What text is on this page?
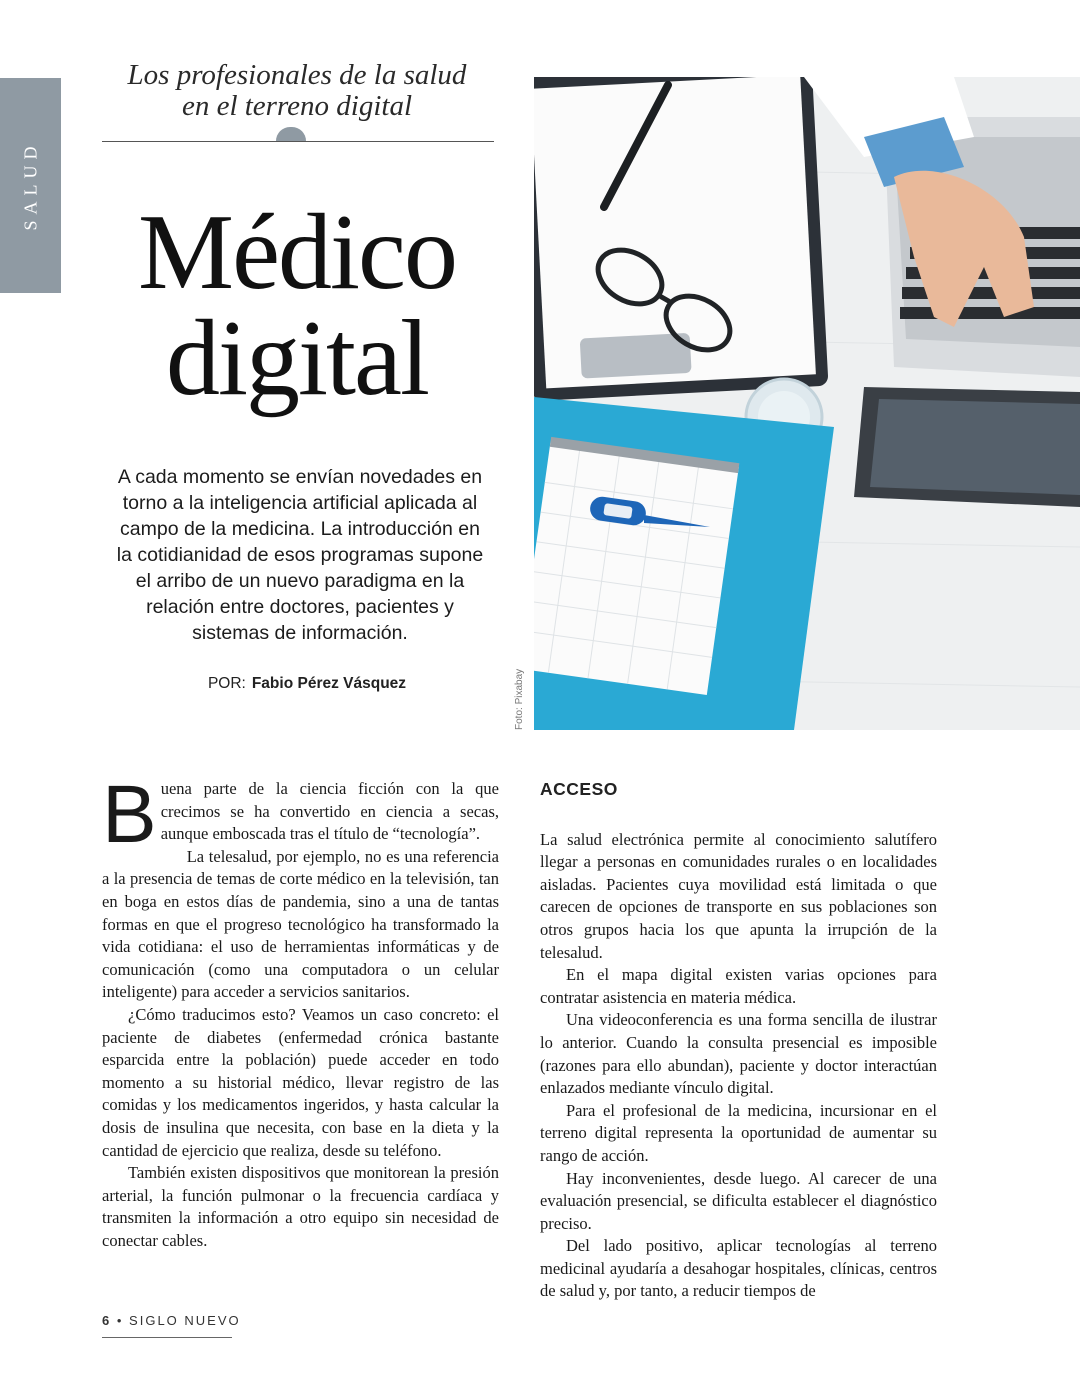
SALUD
Los profesionales de la salud
en el terreno digital
Médico
digital
A cada momento se envían novedades en torno a la inteligencia artificial aplicada al campo de la medicina. La introducción en la cotidianidad de esos programas supone el arribo de un nuevo paradigma en la relación entre doctores, pacientes y sistemas de información.
POR: Fabio Pérez Vásquez	Foto: Pixabay

Buena parte de la ciencia ficción con la que crecimos se ha convertido en ciencia a secas, aunque emboscada tras el título de “tecnología”.

La telesalud, por ejemplo, no es una referencia a la presencia de temas de corte médico en la televisión, tan en boga en estos días de pandemia, sino a una de tantas formas en que el progreso tecnológico ha transformado la vida cotidiana: el uso de herramientas informáticas y de comunicación (como una computadora o un celular inteligente) para acceder a servicios sanitarios.

¿Cómo traducimos esto? Veamos un caso concreto: el paciente de diabetes (enfermedad crónica bastante esparcida entre la población) puede acceder en todo momento a su historial médico, llevar registro de las comidas y los medicamentos ingeridos, y hasta calcular la dosis de insulina que necesita, con base en la dieta y la cantidad de ejercicio que realiza, desde su teléfono.

También existen dispositivos que monitorean la presión arterial, la función pulmonar o la frecuencia cardíaca y transmiten la información a otro equipo sin necesidad de conectar cables.

ACCESO

La salud electrónica permite al conocimiento salutífero llegar a personas en comunidades rurales o en localidades aisladas. Pacientes cuya movilidad está limitada o que carecen de opciones de transporte en sus poblaciones son otros grupos hacia los que apunta la irrupción de la telesalud.

En el mapa digital existen varias opciones para contratar asistencia en materia médica.

Una videoconferencia es una forma sencilla de ilustrar lo anterior. Cuando la consulta presencial es imposible (razones para ello abundan), paciente y doctor interactúan enlazados mediante vínculo digital.

Para el profesional de la medicina, incursionar en el terreno digital representa la oportunidad de aumentar su rango de acción.

Hay inconvenientes, desde luego. Al carecer de una evaluación presencial, se dificulta establecer el diagnóstico preciso.

Del lado positivo, aplicar tecnologías al terreno medicinal ayudaría a desahogar hospitales, clínicas, centros de salud y, por tanto, a reducir tiempos de

6 • SIGLO NUEVO
